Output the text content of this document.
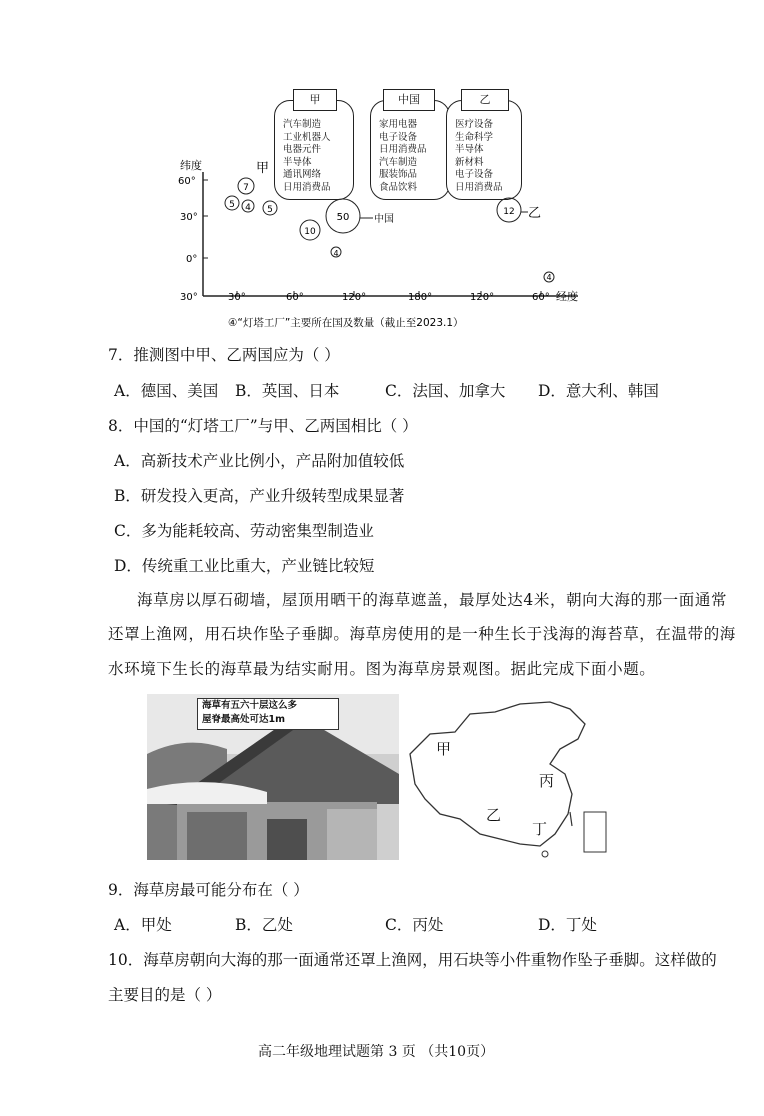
甲
汽车制造
工业机器人
电器元件
半导体
通讯网络
日用消费品
中国
家用电器
电子设备
日用消费品
汽车制造
服装饰品
食品饮料
乙
医疗设备
生命科学
半导体
新材料
电子设备
日用消费品
7
5 4 5
10
50 中国
4
12 乙
4
甲
纬度
60°
30°
0°
30°	30°	60°	120°	180°	120°	60° 经度
④“灯塔工厂”主要所在国及数量（截止至2023.1）
7．推测图中甲、乙两国应为（ ）
A．德国、美国 B．英国、日本	C．法国、加拿大 D．意大利、韩国
8．中国的“灯塔工厂”与甲、乙两国相比（ ）
A．高新技术产业比例小，产品附加值较低
B．研发投入更高，产业升级转型成果显著
C．多为能耗较高、劳动密集型制造业
D．传统重工业比重大，产业链比较短
海草房以厚石砌墙，屋顶用晒干的海草遮盖，最厚处达4米，朝向大海的那一面通常
还罩上渔网，用石块作坠子垂脚。海草房使用的是一种生长于浅海的海苔草，在温带的海
水环境下生长的海草最为结实耐用。图为海草房景观图。据此完成下面小题。
海草有五六十层这么多
屋脊最高处可达1m
甲
丙
乙
丁
9．海草房最可能分布在（ ）
A．甲处	B．乙处	C．丙处	D．丁处
10．海草房朝向大海的那一面通常还罩上渔网，用石块等小件重物作坠子垂脚。这样做的
主要目的是（ ）
高二年级地理试题第 3 页 （共10页）
